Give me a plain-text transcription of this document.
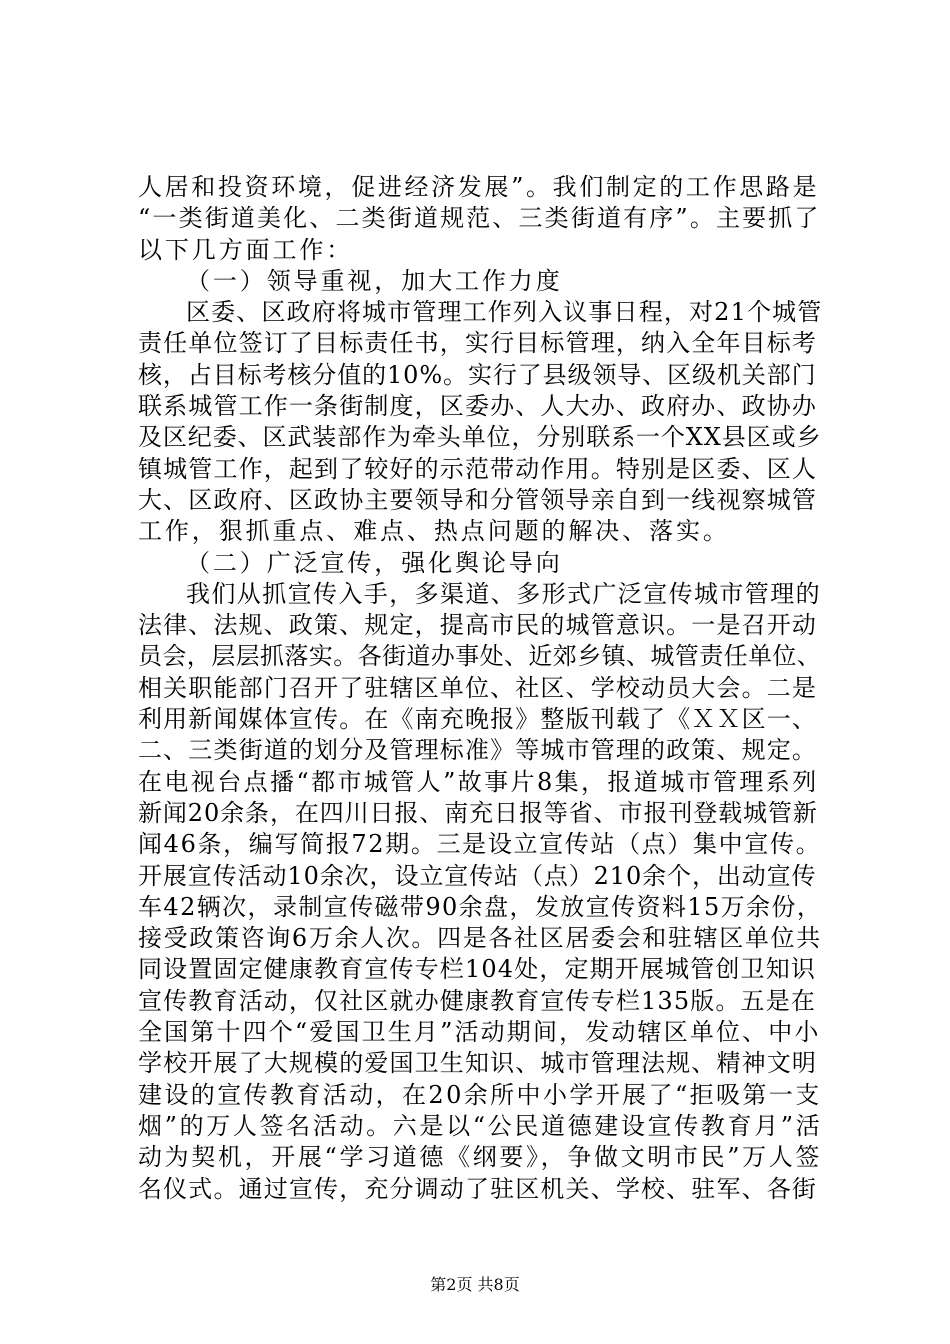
人居和投资环境，促进经济发展”。我们制定的工作思路是

“一类街道美化、二类街道规范、三类街道有序”。主要抓了

以下几方面工作：

（一）领导重视，加大工作力度

区委、区政府将城市管理工作列入议事日程，对21个城管

责任单位签订了目标责任书，实行目标管理，纳入全年目标考

核，占目标考核分值的10%。实行了县级领导、区级机关部门

联系城管工作一条街制度，区委办、人大办、政府办、政协办

及区纪委、区武装部作为牵头单位，分别联系一个XX县区或乡

镇城管工作，起到了较好的示范带动作用。特别是区委、区人

大、区政府、区政协主要领导和分管领导亲自到一线视察城管

工作，狠抓重点、难点、热点问题的解决、落实。

（二）广泛宣传，强化舆论导向

我们从抓宣传入手，多渠道、多形式广泛宣传城市管理的

法律、法规、政策、规定，提高市民的城管意识。一是召开动

员会，层层抓落实。各街道办事处、近郊乡镇、城管责任单位、

相关职能部门召开了驻辖区单位、社区、学校动员大会。二是

利用新闻媒体宣传。在《南充晚报》整版刊载了《ＸＸ区一、

二、三类街道的划分及管理标准》等城市管理的政策、规定。

在电视台点播“都市城管人”故事片8集，报道城市管理系列

新闻20余条，在四川日报、南充日报等省、市报刊登载城管新

闻46条，编写简报72期。三是设立宣传站（点）集中宣传。

开展宣传活动10余次，设立宣传站（点）210余个，出动宣传

车42辆次，录制宣传磁带90余盘，发放宣传资料15万余份，

接受政策咨询6万余人次。四是各社区居委会和驻辖区单位共

同设置固定健康教育宣传专栏104处，定期开展城管创卫知识

宣传教育活动，仅社区就办健康教育宣传专栏135版。五是在

全国第十四个“爱国卫生月”活动期间，发动辖区单位、中小

学校开展了大规模的爱国卫生知识、城市管理法规、精神文明

建设的宣传教育活动，在20余所中小学开展了“拒吸第一支

烟”的万人签名活动。六是以“公民道德建设宣传教育月”活

动为契机，开展“学习道德《纲要》，争做文明市民”万人签

名仪式。通过宣传，充分调动了驻区机关、学校、驻军、各街

第2页 共8页
